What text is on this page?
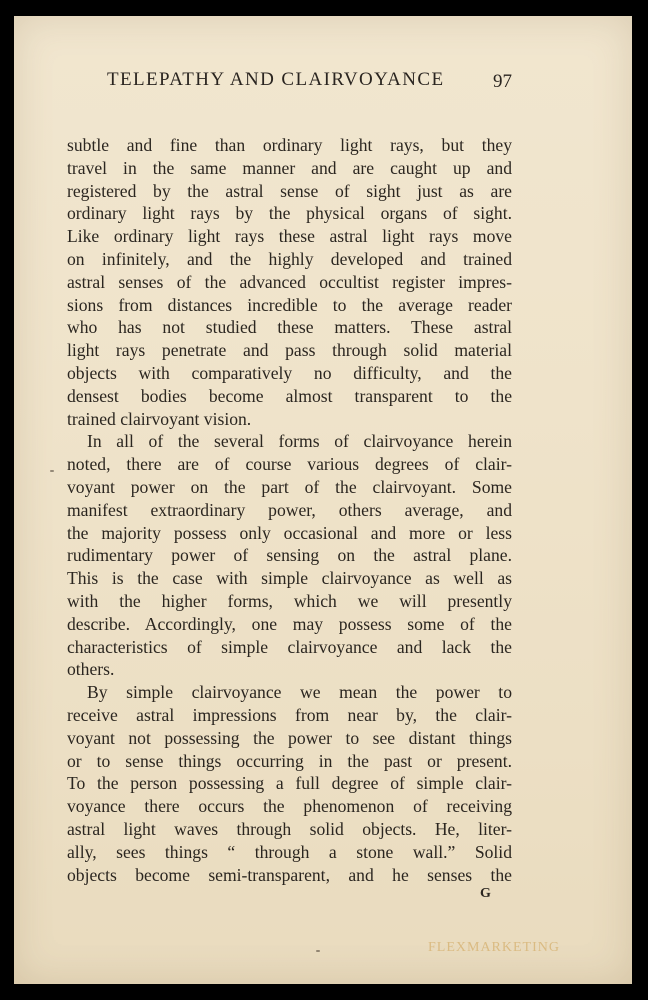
TELEPATHY AND CLAIRVOYANCE	97
subtle and fine than ordinary light rays, but they
travel in the same manner and are caught up and
registered by the astral sense of sight just as are
ordinary light rays by the physical organs of sight.
Like ordinary light rays these astral light rays move
on infinitely, and the highly developed and trained
astral senses of the advanced occultist register impres-
sions from distances incredible to the average reader
who has not studied these matters. These astral
light rays penetrate and pass through solid material
objects with comparatively no difficulty, and the
densest bodies become almost transparent to the
trained clairvoyant vision.
In all of the several forms of clairvoyance herein
noted, there are of course various degrees of clair-
voyant power on the part of the clairvoyant. Some
manifest extraordinary power, others average, and
the majority possess only occasional and more or less
rudimentary power of sensing on the astral plane.
This is the case with simple clairvoyance as well as
with the higher forms, which we will presently
describe. Accordingly, one may possess some of the
characteristics of simple clairvoyance and lack the
others.
By simple clairvoyance we mean the power to
receive astral impressions from near by, the clair-
voyant not possessing the power to see distant things
or to sense things occurring in the past or present.
To the person possessing a full degree of simple clair-
voyance there occurs the phenomenon of receiving
astral light waves through solid objects. He, liter-
ally, sees things “ through a stone wall.” Solid
objects become semi-transparent, and he senses the
G
FLEXMARKETING
